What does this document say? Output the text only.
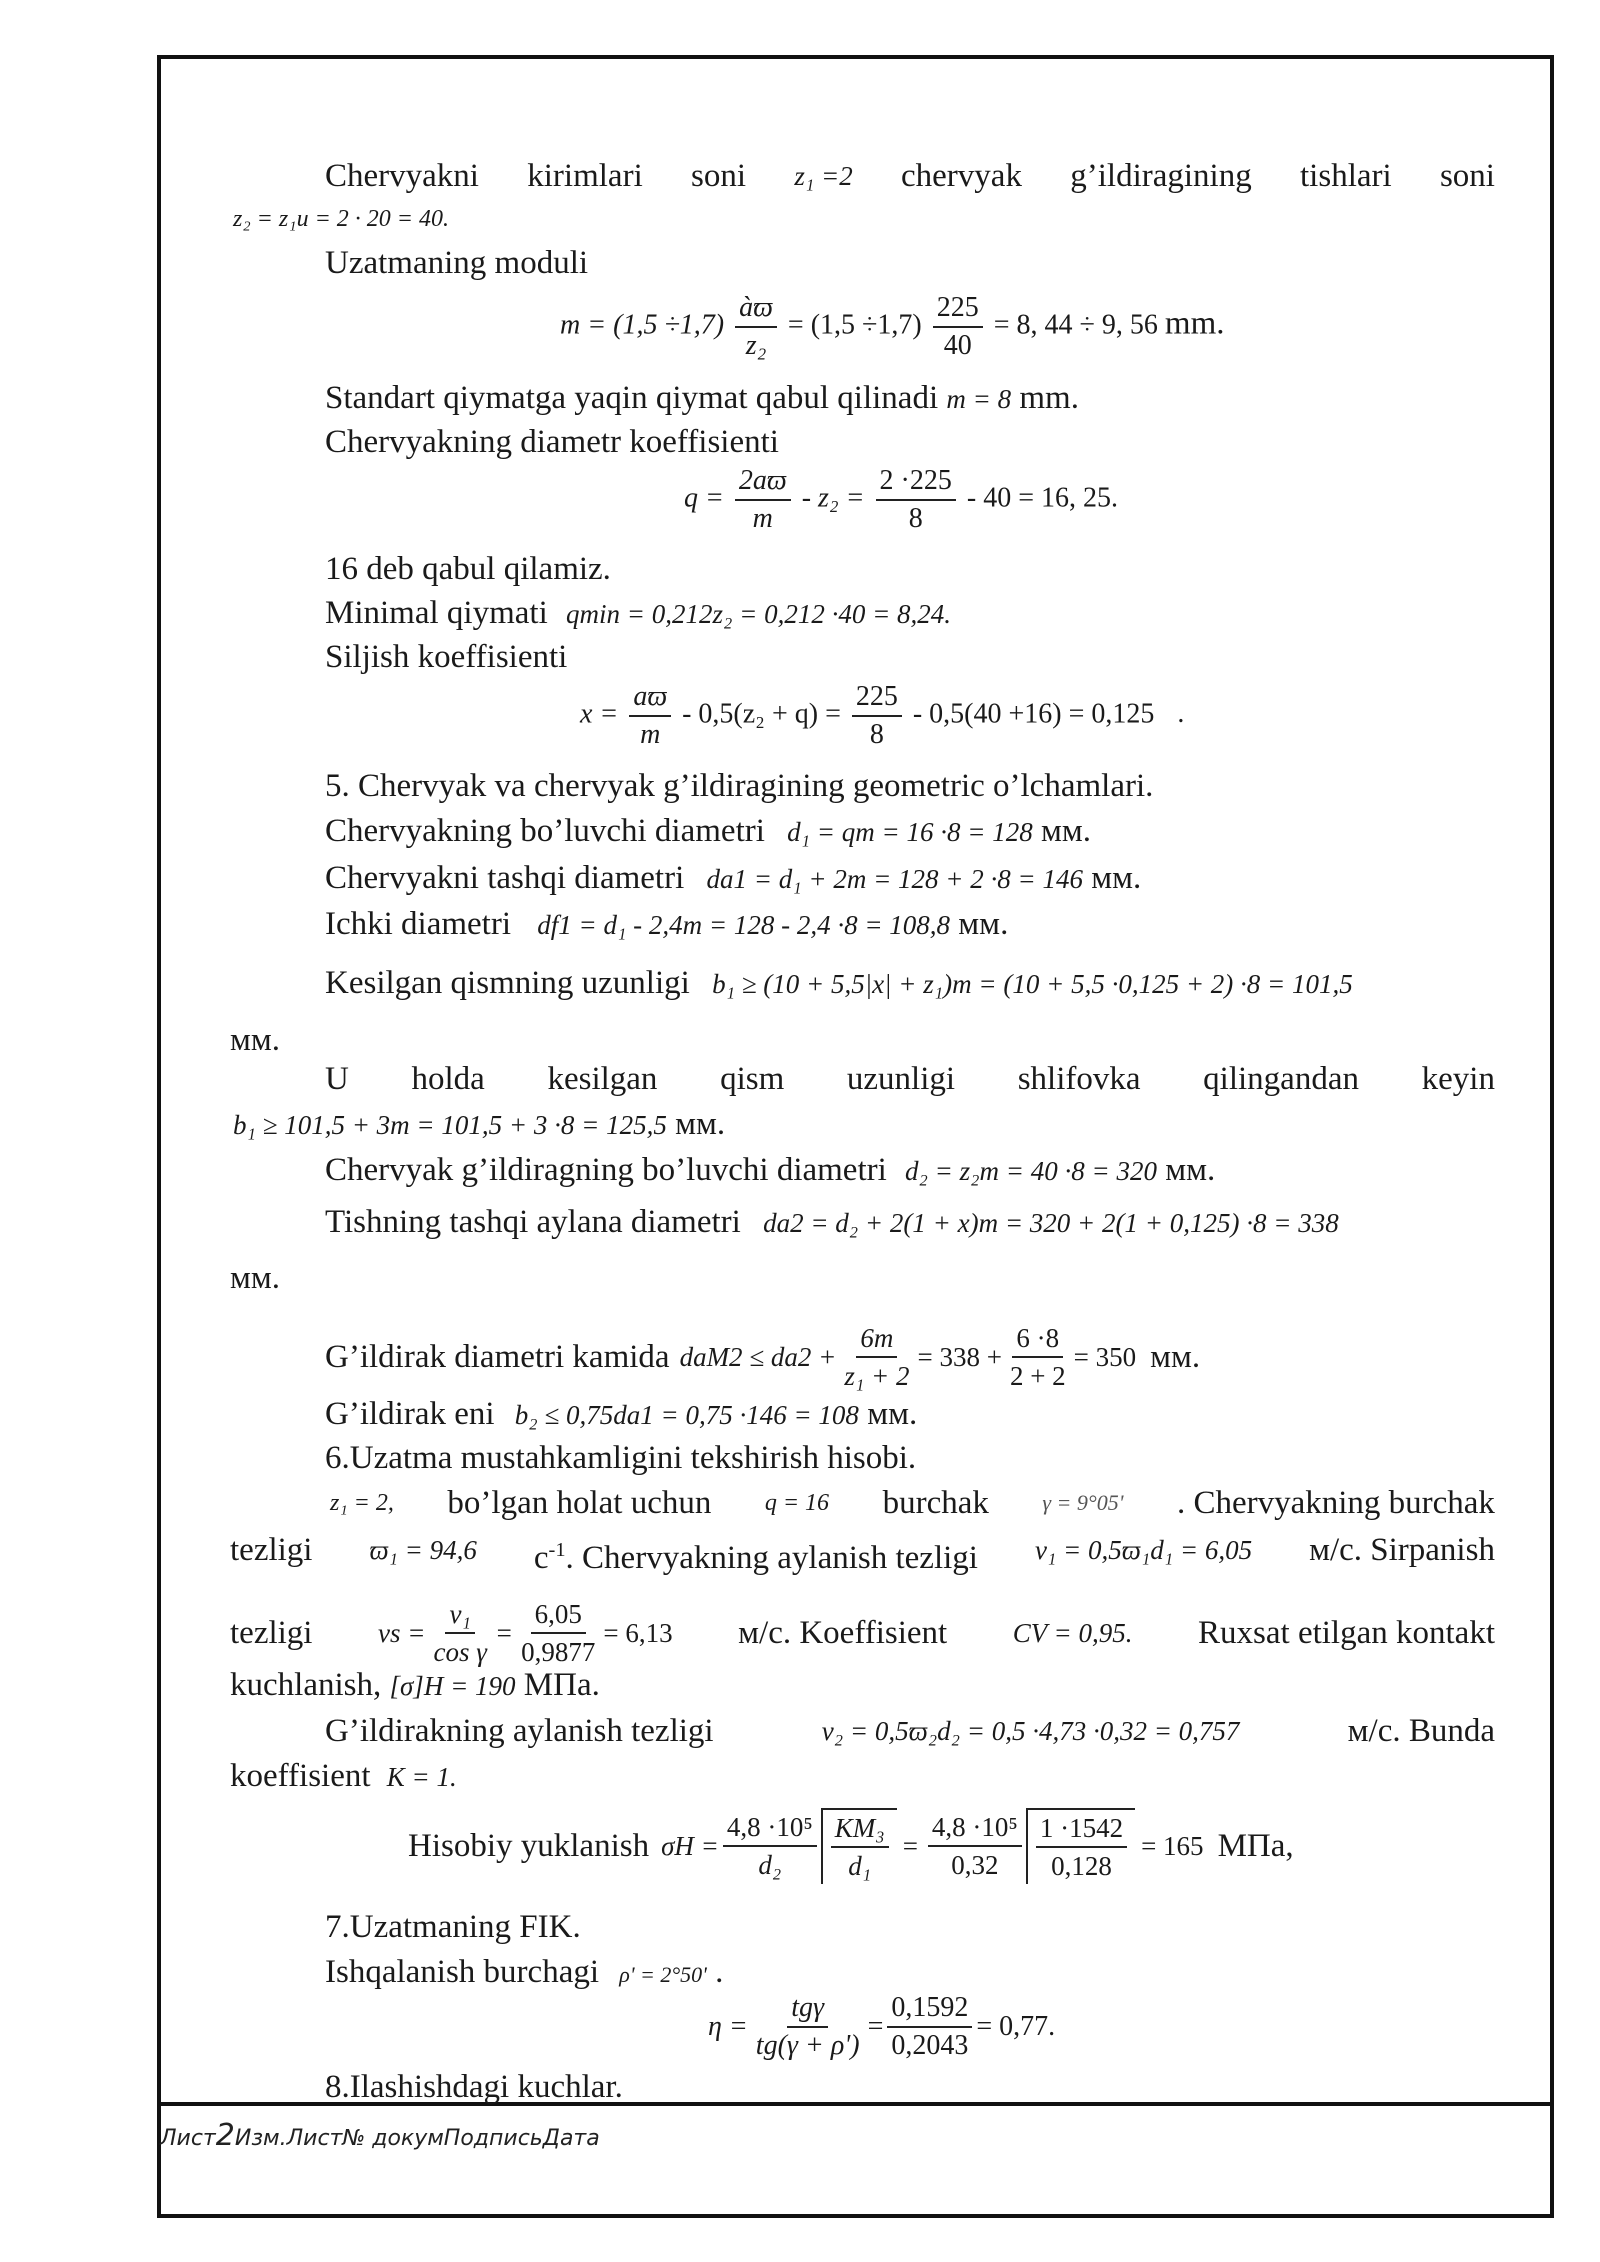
Лист2Изм.Лист№ докумПодписьДата
Chervyakni kirimlari soni z₁ =2 chervyak g’ildiragining tishlari soni
z₂ = z₁u = 2 · 20 = 40.
Uzatmaning moduli
$m = (1,5 \div 1,7) \frac{àϖ}{\text{z₂}} = (1,5 \div 1,7) \frac{225}{40} = 8$, 44 ÷ 9, 56 mm.
Standart qiymatga yaqin qiymat qabul qilinadi m = 8 mm.
Chervyakning diametr koeffisienti
$q = \frac{2aϖ}{m} - z_2 = \frac{2 \cdot 225}{8} - 40 = 16$, 25.
16 deb qabul qilamiz.
Minimal qiymati qmin = 0,212z₂ = 0,212 ·40 = 8,24.
Siljish koeffisienti
$x = \frac{aϖ}{m} - 0,5(z_2 + q) = \frac{225}{8} - 0,5(40 +16) = 0,125$ .
5. Chervyak va chervyak g’ildiragining geometric o’lchamlari.
Chervyakning bo’luvchi diametri d₁ = qm = 16 ·8 = 128 мм.
Chervyakni tashqi diametri da1 = d₁ + 2m = 128 + 2 ·8 = 146 мм.
Ichki diametri df1 = d₁ - 2,4m = 128 - 2,4 ·8 = 108,8 мм.
Kesilgan qismning uzunligi b₁ ≥ (10 + 5,5|x| + z₁)m = (10 + 5,5 ·0,125 + 2) ·8 = 101,5
мм.
U holda kesilgan qism uzunligi shlifovka qilingandan keyin
b₁ ≥ 101,5 + 3m = 101,5 + 3 ·8 = 125,5 мм.
Chervyak g’ildiragning bo’luvchi diametri d₂ = z₂m = 40 ·8 = 320 мм.
Tishning tashqi aylana diametri da2 = d₂ + 2(1 + x)m = 320 + 2(1 + 0,125) ·8 = 338
мм.
G’ildirak diametri kamida $daM2 \le da2 + \frac{6m}{\text{z₁ + 2}} = 338 + \frac{6 \cdot 8}{2 + 2} = 350$ мм.
G’ildirak eni b₂ ≤ 0,75da1 = 0,75 ·146 = 108 мм.
6.Uzatma mustahkamligini tekshirish hisobi.
z₁ = 2, bo’lgan holat uchun q = 16 burchak γ = 9°05' . Chervyakning burchak
tezligi ϖ₁ = 94,6 $c^{-1}$. Chervyakning aylanish tezligi v₁ = 0,5ϖ₁d₁ = 6,05 м/с. Sirpanish
tezligi vs = $\frac{\text{v₁}}{\text{cos γ}} = \frac{6,05}{0,9877} = 6,13$ м/с. Koeffisient CV = 0,95. Ruxsat etilgan kontakt
kuchlanish, [σ]H = 190 МПа.
G’ildirakning aylanish tezligi	v₂ = 0,5ϖ₂d₂ = 0,5 ·4,73 ·0,32 = 0,757	м/с. Bunda
koeffisient K = 1.
Hisobiy yuklanish $\sigma H = \frac{\text{4,8 ·10⁵}}{\text{d₂}} \frac{\text{KM₃}}{\text{d₁}} = \frac{\text{4,8 ·10⁵}}{0,32} \frac{1 \cdot 1542}{0,128} = 165$ МПа,
7.Uzatmaning FIK.
Ishqalanish burchagi ρ' = 2°50' .
$\eta = \frac{\text{tgγ}}{tg(\gamma + \rho')} = \frac{0,1592}{0,2043} = 0,77$.
8.Ilashishdagi kuchlar.
